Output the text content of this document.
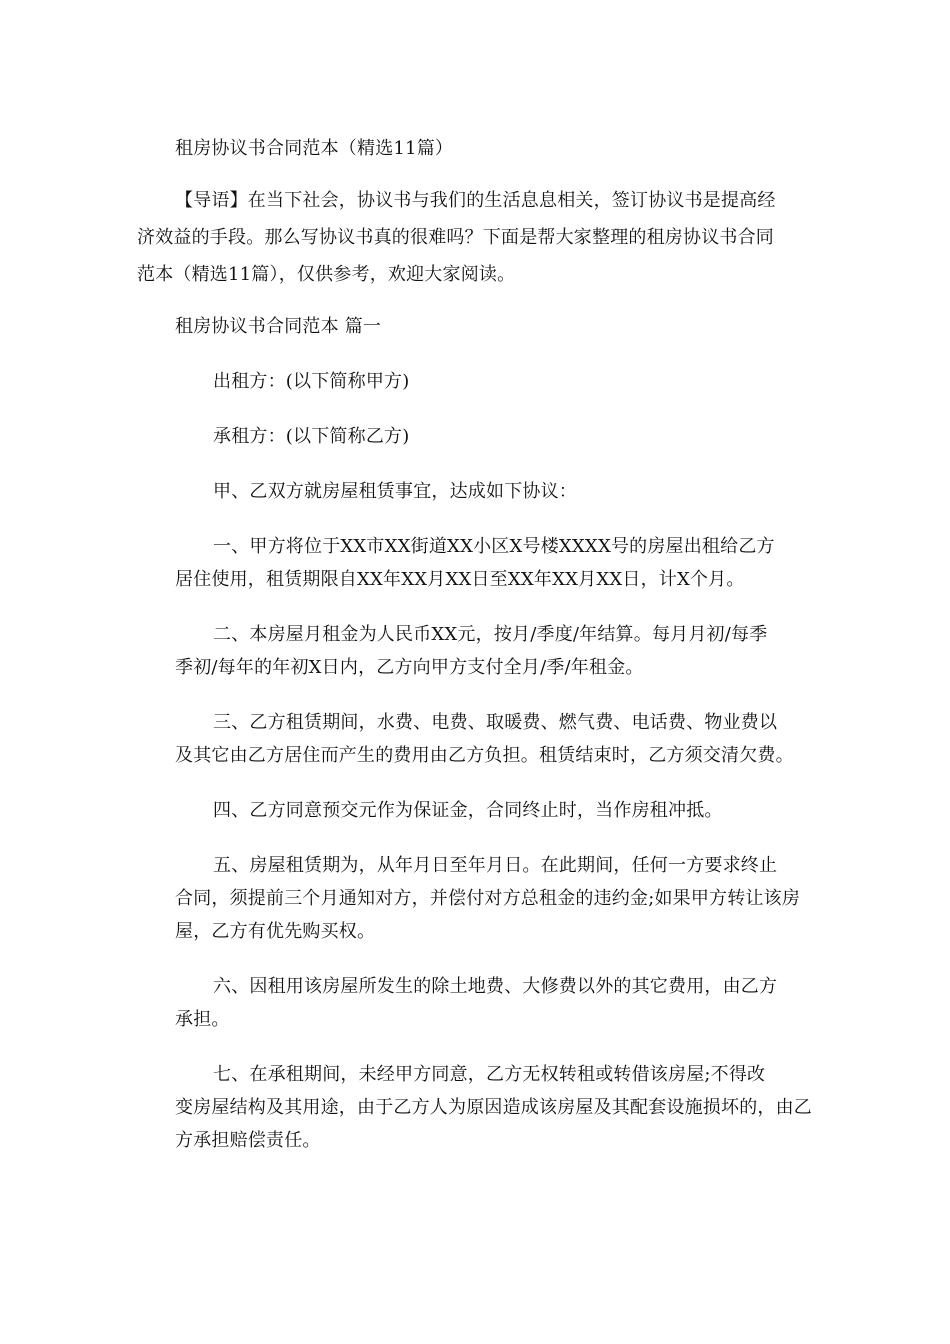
租房协议书合同范本（精选11篇）
【导语】在当下社会，协议书与我们的生活息息相关，签订协议书是提高经
济效益的手段。那么写协议书真的很难吗？下面是帮大家整理的租房协议书合同
范本（精选11篇），仅供参考，欢迎大家阅读。
租房协议书合同范本 篇一
出租方：(以下简称甲方)
承租方：(以下简称乙方)
甲、乙双方就房屋租赁事宜，达成如下协议：
一、甲方将位于XX市XX街道XX小区X号楼XXXX号的房屋出租给乙方
居住使用，租赁期限自XX年XX月XX日至XX年XX月XX日，计X个月。
二、本房屋月租金为人民币XX元，按月/季度/年结算。每月月初/每季
季初/每年的年初X日内，乙方向甲方支付全月/季/年租金。
三、乙方租赁期间，水费、电费、取暖费、燃气费、电话费、物业费以
及其它由乙方居住而产生的费用由乙方负担。租赁结束时，乙方须交清欠费。
四、乙方同意预交元作为保证金，合同终止时，当作房租冲抵。
五、房屋租赁期为，从年月日至年月日。在此期间，任何一方要求终止
合同，须提前三个月通知对方，并偿付对方总租金的违约金;如果甲方转让该房
屋，乙方有优先购买权。
六、因租用该房屋所发生的除土地费、大修费以外的其它费用，由乙方
承担。
七、在承租期间，未经甲方同意，乙方无权转租或转借该房屋;不得改
变房屋结构及其用途，由于乙方人为原因造成该房屋及其配套设施损坏的，由乙
方承担赔偿责任。
